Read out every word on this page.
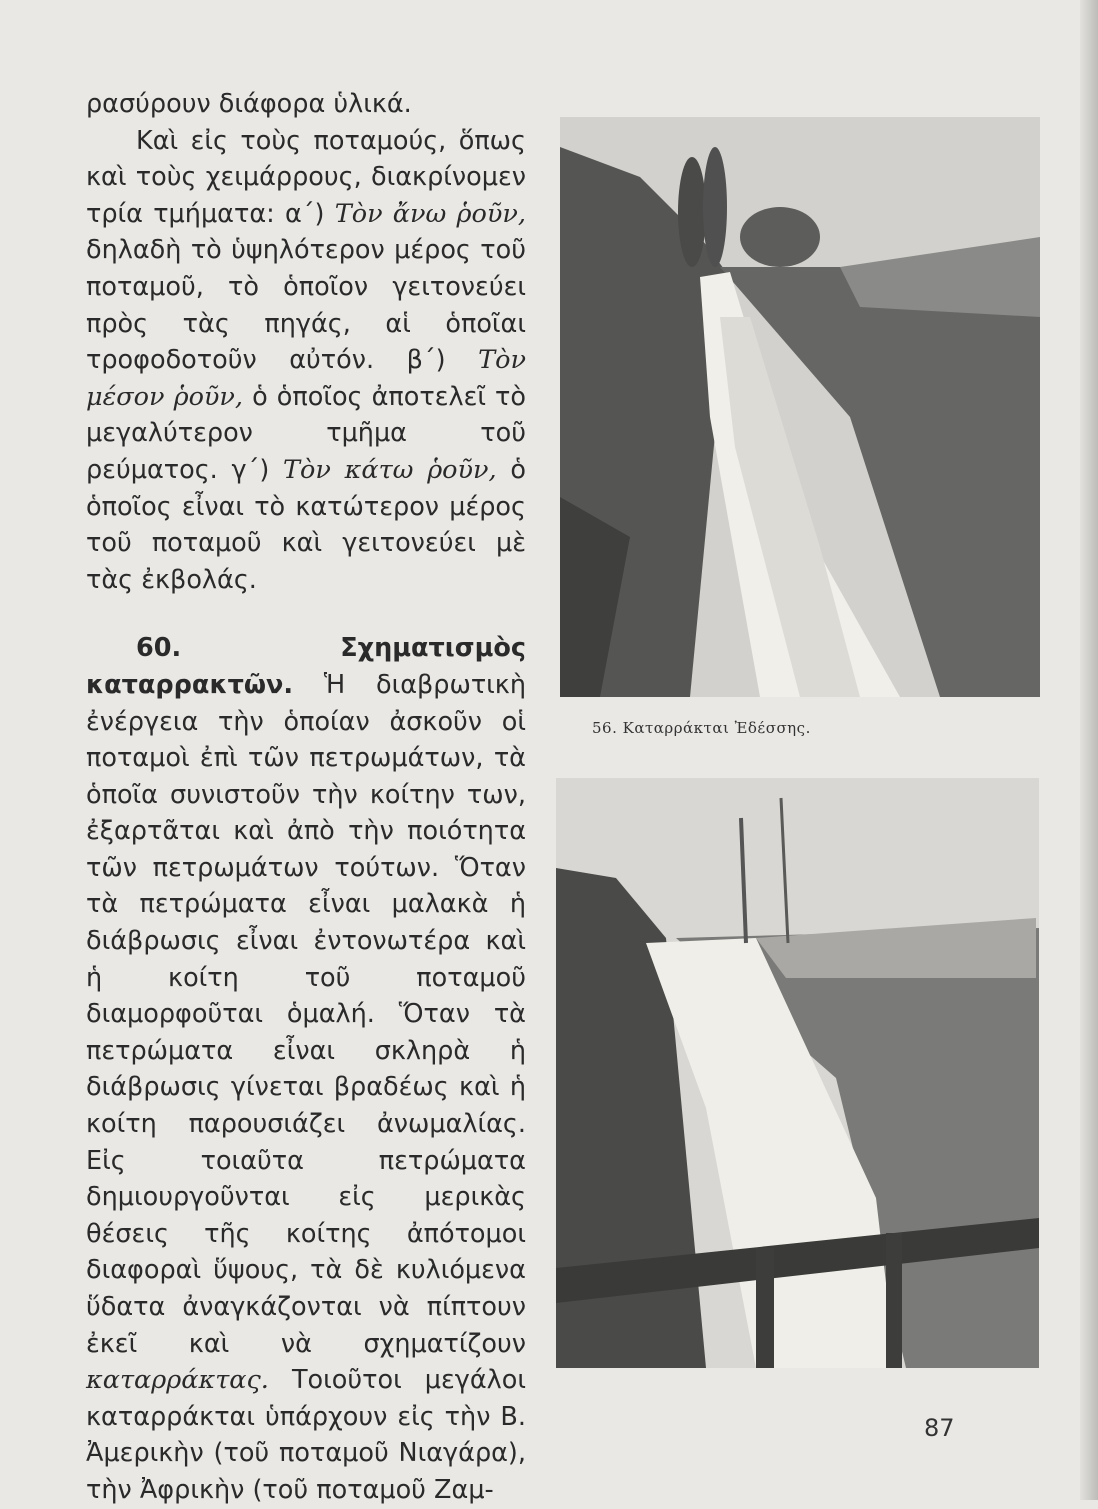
ρασύρουν διάφορα ὑλικά.

Καὶ εἰς τοὺς ποταμούς, ὅπως καὶ τοὺς χειμάρρους, διακρίνομεν τρία τμήματα: α΄) Τὸν ἄνω ῥοῦν, δηλαδὴ τὸ ὑψηλότερον μέρος τοῦ ποταμοῦ, τὸ ὁποῖον γειτονεύει πρὸς τὰς πηγάς, αἱ ὁποῖαι τροφοδοτοῦν αὐτόν. β΄) Τὸν μέσον ῥοῦν, ὁ ὁποῖος ἀποτελεῖ τὸ μεγαλύτερον τμῆμα τοῦ ρεύματος. γ΄) Τὸν κάτω ῥοῦν, ὁ ὁποῖος εἶναι τὸ κατώτερον μέρος τοῦ ποταμοῦ καὶ γειτονεύει μὲ τὰς ἐκβολάς.

60. Σχηματισμὸς καταρρακτῶν. Ἡ διαβρωτικὴ ἐνέργεια τὴν ὁποίαν ἀσκοῦν οἱ ποταμοὶ ἐπὶ τῶν πετρωμάτων, τὰ ὁποῖα συνιστοῦν τὴν κοίτην των, ἐξαρτᾶται καὶ ἀπὸ τὴν ποιότητα τῶν πετρωμάτων τούτων. Ὅταν τὰ πετρώματα εἶναι μαλακὰ ἡ διάβρωσις εἶναι ἐντονωτέρα καὶ ἡ κοίτη τοῦ ποταμοῦ διαμορφοῦται ὁμαλή. Ὅταν τὰ πετρώματα εἶναι σκληρὰ ἡ διάβρωσις γίνεται βραδέως καὶ ἡ κοίτη παρουσιάζει ἀνωμαλίας. Εἰς τοιαῦτα πετρώματα δημιουργοῦνται εἰς μερικὰς θέσεις τῆς κοίτης ἀπότομοι διαφοραὶ ὕψους, τὰ δὲ κυλιόμενα ὕδατα ἀναγκάζονται νὰ πίπτουν ἐκεῖ καὶ νὰ σχηματίζουν καταρράκτας. Τοιοῦτοι μεγάλοι καταρράκται ὑπάρχουν εἰς τὴν Β. Ἀμερικὴν (τοῦ ποταμοῦ Νιαγάρα), τὴν Ἀφρικὴν (τοῦ ποταμοῦ Ζαμ-

56. Καταρράκται Ἐδέσσης.
87
